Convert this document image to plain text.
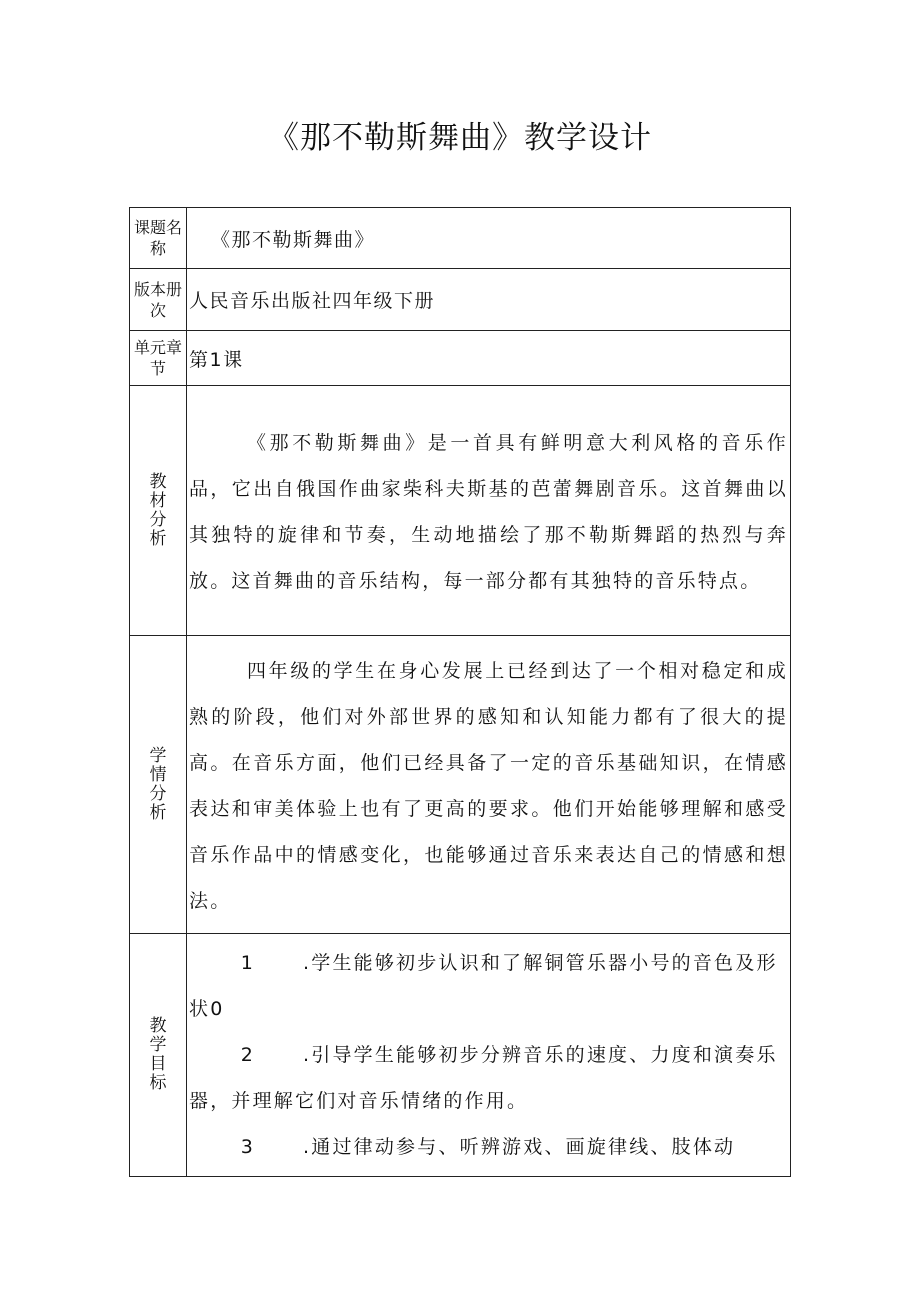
《那不勒斯舞曲》教学设计
课题名称	《那不勒斯舞曲》
版本册次	人民音乐出版社四年级下册
单元章节	第1课
教材分析	《那不勒斯舞曲》是一首具有鲜明意大利风格的音乐作品，它出自俄国作曲家柴科夫斯基的芭蕾舞剧音乐。这首舞曲以其独特的旋律和节奏，生动地描绘了那不勒斯舞蹈的热烈与奔放。这首舞曲的音乐结构，每一部分都有其独特的音乐特点。

学情分析	四年级的学生在身心发展上已经到达了一个相对稳定和成熟的阶段，他们对外部世界的感知和认知能力都有了很大的提高。在音乐方面，他们已经具备了一定的音乐基础知识，在情感表达和审美体验上也有了更高的要求。他们开始能够理解和感受音乐作品中的情感变化，也能够通过音乐来表达自己的情感和想法。

教学目标	1 .学生能够初步认识和了解铜管乐器小号的音色及形状0

2 .引导学生能够初步分辨音乐的速度、力度和演奏乐器，并理解它们对音乐情绪的作用。

3 .通过律动参与、听辨游戏、画旋律线、肢体动
